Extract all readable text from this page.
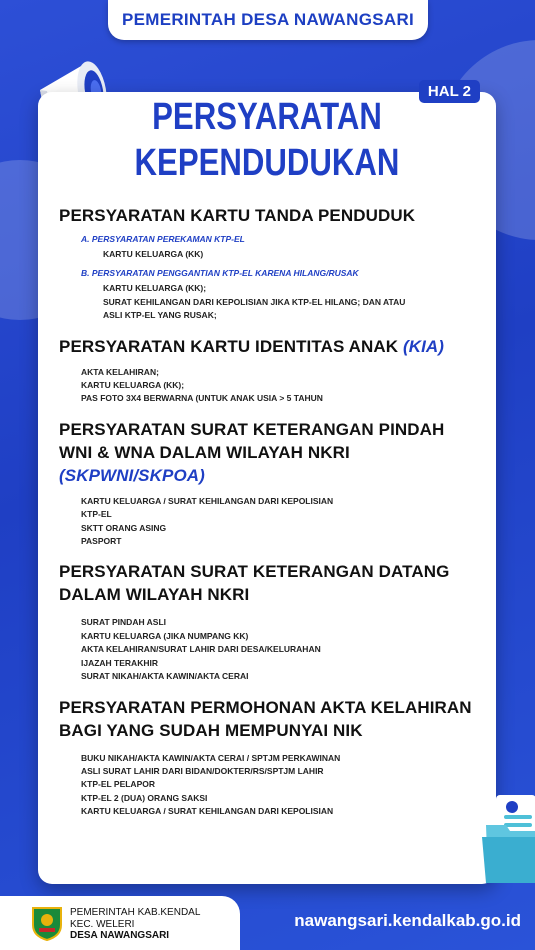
PEMERINTAH DESA NAWANGSARI
HAL 2
PERSYARATAN
KEPENDUDUKAN
PERSYARATAN KARTU TANDA PENDUDUK
A. PERSYARATAN PEREKAMAN KTP-EL
KARTU KELUARGA (KK)
B. PERSYARATAN PENGGANTIAN KTP-EL KARENA HILANG/RUSAK
KARTU KELUARGA (KK);
SURAT KEHILANGAN DARI KEPOLISIAN JIKA KTP-EL HILANG; DAN ATAU
ASLI KTP-EL YANG RUSAK;
PERSYARATAN KARTU IDENTITAS ANAK (KIA)
AKTA KELAHIRAN;
KARTU KELUARGA (KK);
PAS FOTO 3X4 BERWARNA (UNTUK ANAK USIA > 5 TAHUN
PERSYARATAN SURAT KETERANGAN PINDAH WNI & WNA DALAM WILAYAH NKRI (SKPWNI/SKPOA)
KARTU KELUARGA / SURAT KEHILANGAN DARI KEPOLISIAN
KTP-EL
SKTT ORANG ASING
PASPORT
PERSYARATAN SURAT KETERANGAN DATANG DALAM WILAYAH NKRI
SURAT PINDAH ASLI
KARTU KELUARGA (JIKA NUMPANG KK)
AKTA KELAHIRAN/SURAT LAHIR DARI DESA/KELURAHAN
IJAZAH TERAKHIR
SURAT NIKAH/AKTA KAWIN/AKTA CERAI
PERSYARATAN PERMOHONAN AKTA KELAHIRAN BAGI YANG SUDAH MEMPUNYAI NIK
BUKU NIKAH/AKTA KAWIN/AKTA CERAI / SPTJM PERKAWINAN
ASLI SURAT LAHIR DARI BIDAN/DOKTER/RS/SPTJM LAHIR
KTP-EL PELAPOR
KTP-EL 2 (DUA) ORANG SAKSI
KARTU KELUARGA / SURAT KEHILANGAN DARI KEPOLISIAN
PEMERINTAH KAB.KENDAL
KEC. WELERI
DESA NAWANGSARI
nawangsari.kendalkab.go.id
